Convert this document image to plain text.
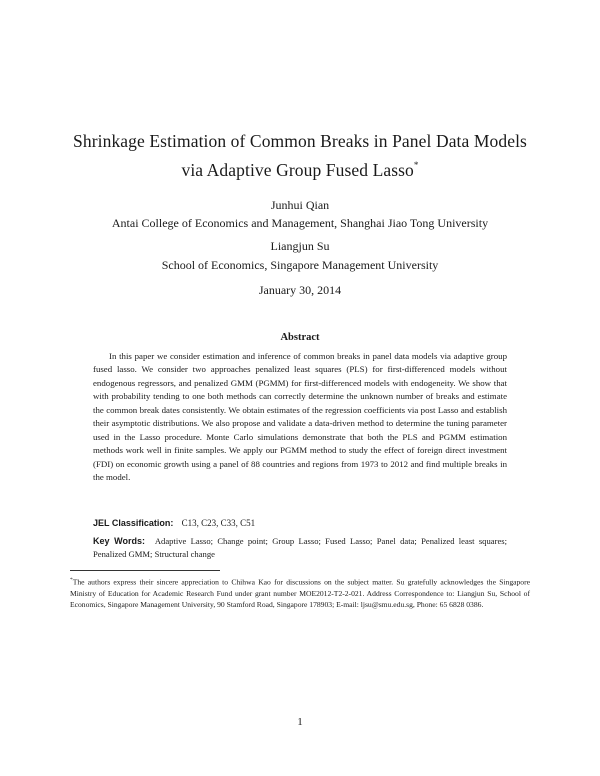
Shrinkage Estimation of Common Breaks in Panel Data Models
via Adaptive Group Fused Lasso*
Junhui Qian
Antai College of Economics and Management, Shanghai Jiao Tong University
Liangjun Su
School of Economics, Singapore Management University
January 30, 2014
Abstract

In this paper we consider estimation and inference of common breaks in panel data models via adaptive group fused lasso. We consider two approaches penalized least squares (PLS) for first-differenced models without endogenous regressors, and penalized GMM (PGMM) for first-differenced models with endogeneity. We show that with probability tending to one both methods can correctly determine the unknown number of breaks and estimate the common break dates consistently. We obtain estimates of the regression coefficients via post Lasso and establish their asymptotic distributions. We also propose and validate a data-driven method to determine the tuning parameter used in the Lasso procedure. Monte Carlo simulations demonstrate that both the PLS and PGMM estimation methods work well in finite samples. We apply our PGMM method to study the effect of foreign direct investment (FDI) on economic growth using a panel of 88 countries and regions from 1973 to 2012 and find multiple breaks in the model.

JEL Classification: C13, C23, C33, C51
Key Words: Adaptive Lasso; Change point; Group Lasso; Fused Lasso; Panel data; Penalized least squares; Penalized GMM; Structural change

*The authors express their sincere appreciation to Chihwa Kao for discussions on the subject matter. Su gratefully acknowledges the Singapore Ministry of Education for Academic Research Fund under grant number MOE2012-T2-2-021. Address Correspondence to: Liangjun Su, School of Economics, Singapore Management University, 90 Stamford Road, Singapore 178903; E-mail: ljsu@smu.edu.sg, Phone: 65 6828 0386.

1
